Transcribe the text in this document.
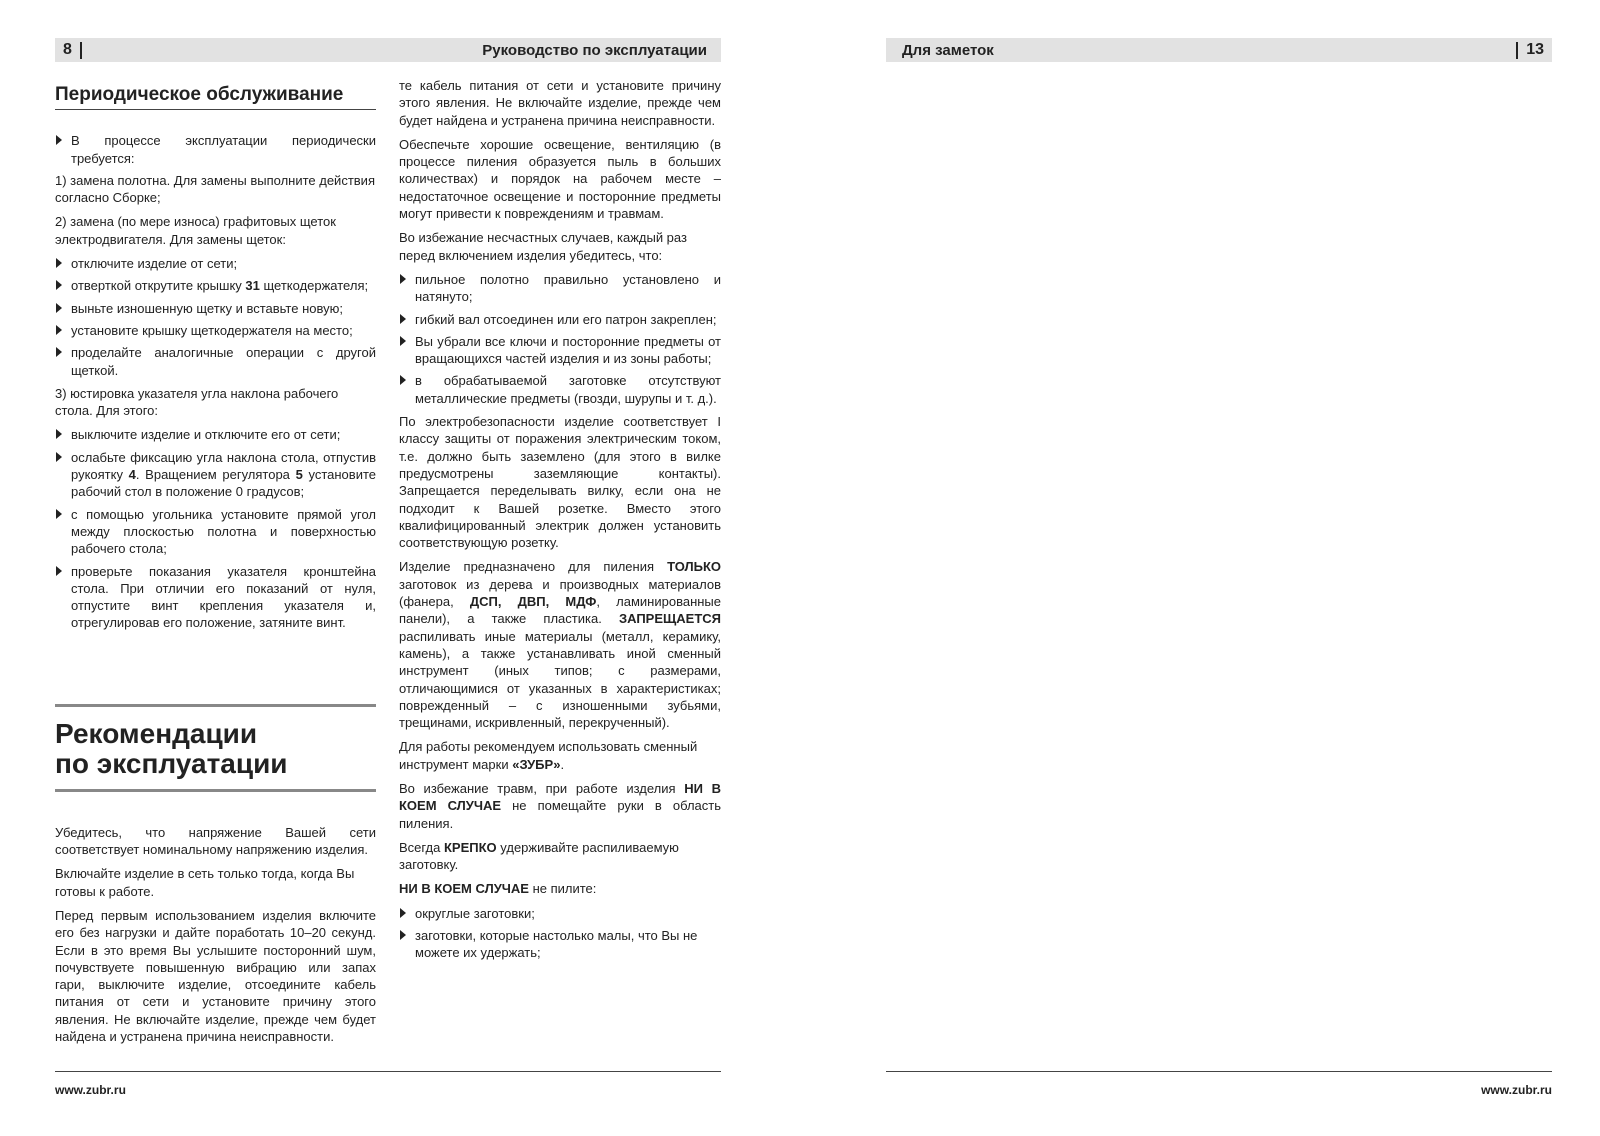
8	Руководство по эксплуатации	Для заметок	13
Периодическое обслуживание
В процессе эксплуатации периодически требуется:

1) замена полотна. Для замены выполните действия согласно Сборке;

2) замена (по мере износа) графитовых щеток электродвигателя. Для замены щеток:

отключите изделие от сети;
отверткой открутите крышку 31 щеткодержателя;
выньте изношенную щетку и вставьте новую;
установите крышку щеткодержателя на место;
проделайте аналогичные операции с другой щеткой.

3) юстировка указателя угла наклона рабочего стола. Для этого:

выключите изделие и отключите его от сети;
ослабьте фиксацию угла наклона стола, отпустив рукоятку 4. Вращением регулятора 5 установите рабочий стол в положение 0 градусов;
с помощью угольника установите прямой угол между плоскостью полотна и поверхностью рабочего стола;
проверьте показания указателя кронштейна стола. При отличии его показаний от нуля, отпустите винт крепления указателя и, отрегулировав его положение, затяните винт.
Рекомендации
по эксплуатации

Убедитесь, что напряжение Вашей сети соответствует номинальному напряжению изделия.

Включайте изделие в сеть только тогда, когда Вы готовы к работе.

Перед первым использованием изделия включите его без нагрузки и дайте поработать 10–20 секунд. Если в это время Вы услышите посторонний шум, почувствуете повышенную вибрацию или запах гари, выключите изделие, отсоедините кабель питания от сети и установите причину этого явления. Не включайте изделие, прежде чем будет найдена и устранена причина неисправности.

те кабель питания от сети и установите причину этого явления. Не включайте изделие, прежде чем будет найдена и устранена причина неисправности.

Обеспечьте хорошие освещение, вентиляцию (в процессе пиления образуется пыль в больших количествах) и порядок на рабочем месте – недостаточное освещение и посторонние предметы могут привести к повреждениям и травмам.

Во избежание несчастных случаев, каждый раз перед включением изделия убедитесь, что:

пильное полотно правильно установлено и натянуто;
гибкий вал отсоединен или его патрон закреплен;
Вы убрали все ключи и посторонние предметы от вращающихся частей изделия и из зоны работы;
в обрабатываемой заготовке отсутствуют металлические предметы (гвозди, шурупы и т. д.).

По электробезопасности изделие соответствует I классу защиты от поражения электрическим током, т.е. должно быть заземлено (для этого в вилке предусмотрены заземляющие контакты). Запрещается переделывать вилку, если она не подходит к Вашей розетке. Вместо этого квалифицированный электрик должен установить соответствующую розетку.

Изделие предназначено для пиления ТОЛЬКО заготовок из дерева и производных материалов (фанера, ДСП, ДВП, МДФ, ламинированные панели), а также пластика. ЗАПРЕЩАЕТСЯ распиливать иные материалы (металл, керамику, камень), а также устанавливать иной сменный инструмент (иных типов; с размерами, отличающимися от указанных в характеристиках; поврежденный – с изношенными зубьями, трещинами, искривленный, перекрученный).

Для работы рекомендуем использовать сменный инструмент марки «ЗУБР».

Во избежание травм, при работе изделия НИ В КОЕМ СЛУЧАЕ не помещайте руки в область пиления.

Всегда КРЕПКО удерживайте распиливаемую заготовку.

НИ В КОЕМ СЛУЧАЕ не пилите:

округлые заготовки;
заготовки, которые настолько малы, что Вы не можете их удержать;
www.zubr.ru	www.zubr.ru
